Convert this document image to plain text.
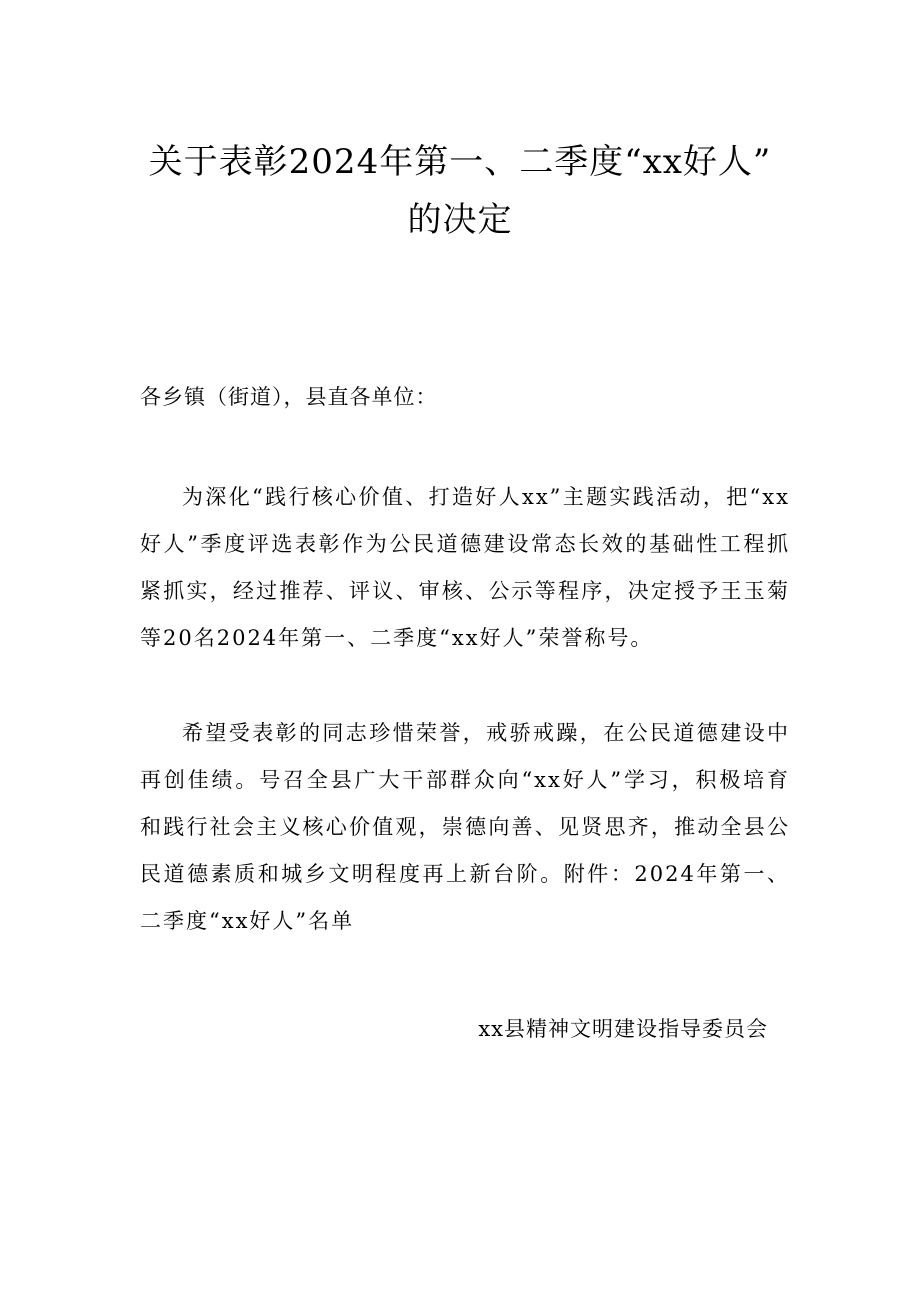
关于表彰2024年第一、二季度“xx好人”
的决定
各乡镇（街道），县直各单位：

为深化“践行核心价值、打造好人xx”主题实践活动，把“xx好人”季度评选表彰作为公民道德建设常态长效的基础性工程抓紧抓实，经过推荐、评议、审核、公示等程序，决定授予王玉菊等20名2024年第一、二季度“xx好人”荣誉称号。

希望受表彰的同志珍惜荣誉，戒骄戒躁，在公民道德建设中再创佳绩。号召全县广大干部群众向“xx好人”学习，积极培育和践行社会主义核心价值观，崇德向善、见贤思齐，推动全县公民道德素质和城乡文明程度再上新台阶。附件：2024年第一、二季度“xx好人”名单

xx县精神文明建设指导委员会
